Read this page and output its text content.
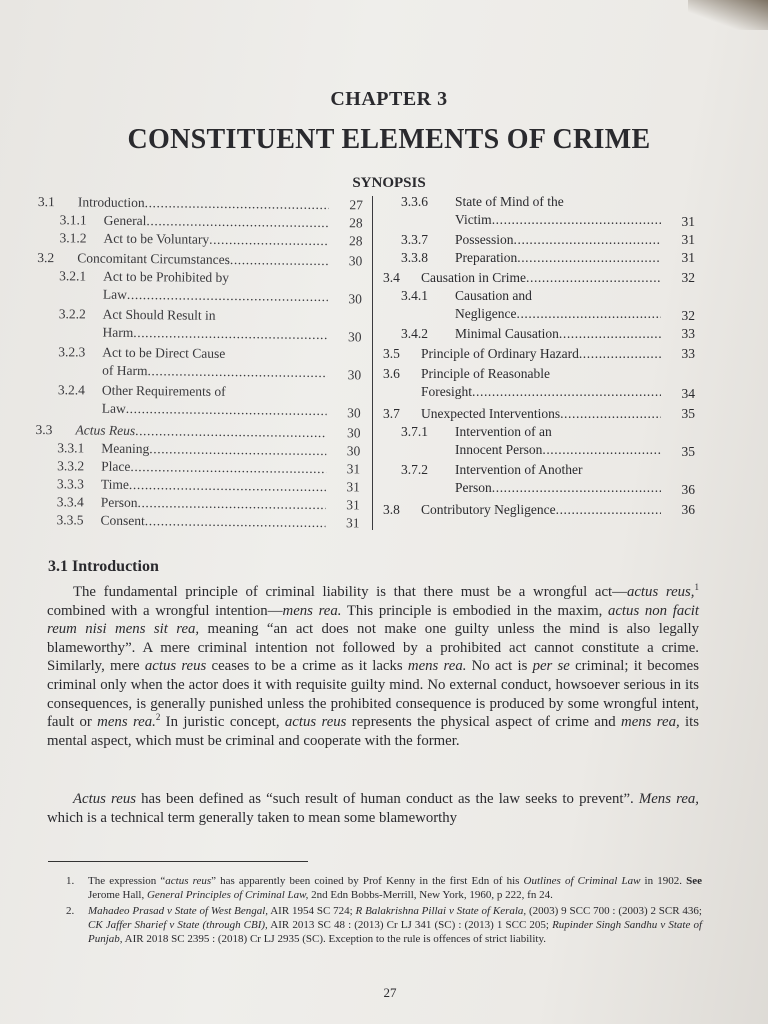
CHAPTER 3
CONSTITUENT ELEMENTS OF CRIME
SYNOPSIS
3.1 Introduction .....	27
3.1.1 General .....	28
3.1.2 Act to be Voluntary .....	28
3.2 Concomitant Circumstances .....	30
3.2.1 Act to be Prohibited by
Law .....	30
3.2.2 Act Should Result in
Harm .....	30
3.2.3 Act to be Direct Cause
of Harm .....	30
3.2.4 Other Requirements of
Law .....	30
3.3 Actus Reus .....	30
3.3.1 Meaning .....	30
3.3.2 Place .....	31
3.3.3 Time .....	31
3.3.4 Person .....	31
3.3.5 Consent .....	31
3.3.6 State of Mind of the
Victim .....	31
3.3.7 Possession .....	31
3.3.8 Preparation .....	31
3.4 Causation in Crime .....	32
3.4.1 Causation and
Negligence .....	32
3.4.2 Minimal Causation .....	33
3.5 Principle of Ordinary Hazard .....	33
3.6 Principle of Reasonable
Foresight .....	34
3.7 Unexpected Interventions .....	35
3.7.1 Intervention of an
Innocent Person .....	35
3.7.2 Intervention of Another
Person .....	36
3.8 Contributory Negligence .....	36
3.1 Introduction

The fundamental principle of criminal liability is that there must be a wrongful act—actus reus,$^1$ combined with a wrongful intention—mens rea. This principle is embodied in the maxim, actus non facit reum nisi mens sit rea, meaning “an act does not make one guilty unless the mind is also legally blameworthy”. A mere criminal intention not followed by a prohibited act cannot constitute a crime. Similarly, mere actus reus ceases to be a crime as it lacks mens rea. No act is per se criminal; it becomes criminal only when the actor does it with requisite guilty mind. No external conduct, howsoever serious in its consequences, is generally punished unless the prohibited consequence is produced by some wrongful intent, fault or mens rea.$^2$ In juristic concept, actus reus represents the physical aspect of crime and mens rea, its mental aspect, which must be criminal and cooperate with the former.

Actus reus has been defined as “such result of human conduct as the law seeks to prevent”. Mens rea, which is a technical term generally taken to mean some blameworthy

1. The expression “actus reus” has apparently been coined by Prof Kenny in the first Edn of his Outlines of Criminal Law in 1902. See Jerome Hall, General Principles of Criminal Law, 2nd Edn Bobbs-Merrill, New York, 1960, p 222, fn 24.
2. Mahadeo Prasad v State of West Bengal, AIR 1954 SC 724; R Balakrishna Pillai v State of Kerala, (2003) 9 SCC 700 : (2003) 2 SCR 436; CK Jaffer Sharief v State (through CBI), AIR 2013 SC 48 : (2013) Cr LJ 341 (SC) : (2013) 1 SCC 205; Rupinder Singh Sandhu v State of Punjab, AIR 2018 SC 2395 : (2018) Cr LJ 2935 (SC). Exception to the rule is offences of strict liability.
27
